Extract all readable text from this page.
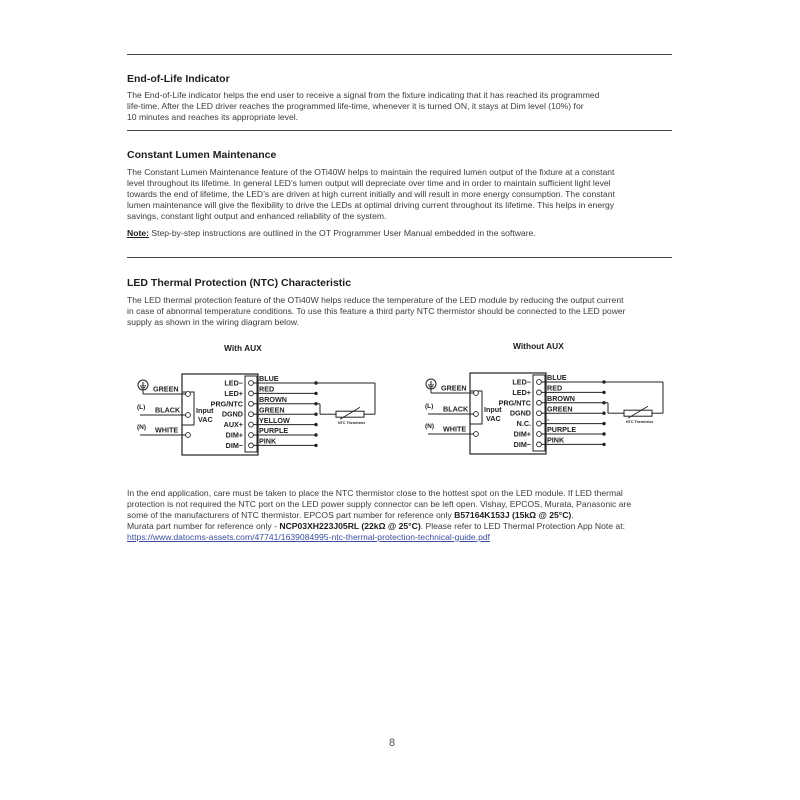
End-of-Life Indicator
The End-of-Life indicator helps the end user to receive a signal from the fixture indicating that it has reached its programmed
life-time. After the LED driver reaches the programmed life-time, whenever it is turned ON, it stays at Dim level (10%) for
10 minutes and reaches its appropriate level.
Constant Lumen Maintenance
The Constant Lumen Maintenance feature of the OTi40W helps to maintain the required lumen output of the fixture at a constant
level throughout its lifetime. In general LED’s lumen output will depreciate over time and in order to maintain sufficient light level
towards the end of lifetime, the LED’s are driven at high current initially and will result in more energy consumption. The constant
lumen maintenance will give the flexibility to drive the LEDs at optimal driving current throughout its lifetime. This helps in energy
savings, constant light output and enhanced reliability of the system.
Note: Step-by-step instructions are outlined in the OT Programmer User Manual embedded in the software.
LED Thermal Protection (NTC) Characteristic
The LED thermal protection feature of the OTi40W helps reduce the temperature of the LED module by reducing the output current
in case of abnormal temperature conditions. To use this feature a third party NTC thermistor should be connected to the LED power
supply as shown in the wiring diagram below.
With AUX	Without AUX
Input
VAC
GREEN
BLACK
WHITE
(L)
(N)
LED− BLUE
LED+ RED
PRG/NTC BROWN
DGND GREEN
AUX+ YELLOW
DIM+ PURPLE
DIM− PINK
NTC Thermistor
Input
VAC
GREEN
BLACK
WHITE
(L)
(N)
LED− BLUE
LED+ RED
PRG/NTC BROWN
DGND GREEN
N.C. -
DIM+ PURPLE
DIM− PINK
NTC Thermistor
In the end application, care must be taken to place the NTC thermistor close to the hottest spot on the LED module. If LED thermal
protection is not required the NTC port on the LED power supply connector can be left open. Vishay, EPCOS, Murata, Panasonic are
some of the manufacturers of NTC thermistor. EPCOS part number for reference only B57164K153J (15kΩ @ 25°C).
Murata part number for reference only - NCP03XH223J05RL (22kΩ @ 25°C). Please refer to LED Thermal Protection App Note at:
https://www.datocms-assets.com/47741/1639084995-ntc-thermal-protection-technical-guide.pdf
8
